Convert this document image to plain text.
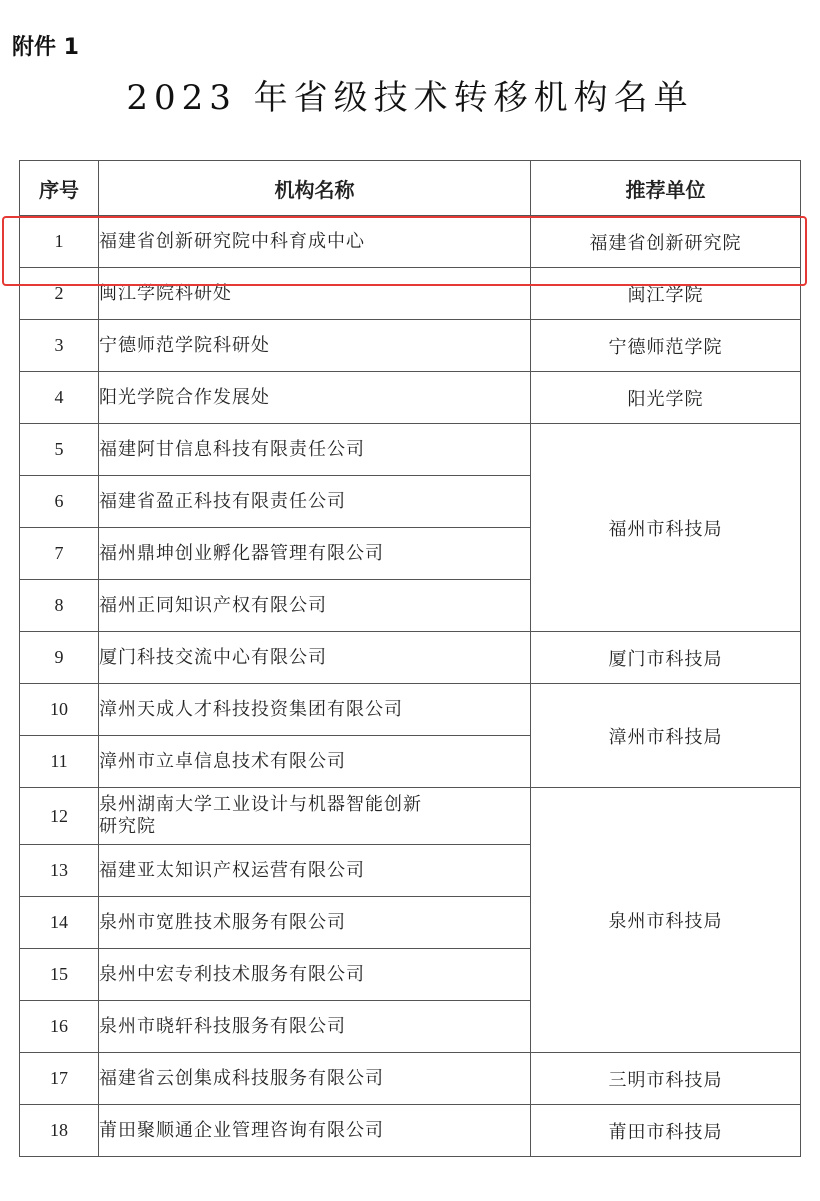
附件 1
2023 年省级技术转移机构名单
序号	机构名称	推荐单位
1	福建省创新研究院中科育成中心	福建省创新研究院
2	闽江学院科研处	闽江学院
3	宁德师范学院科研处	宁德师范学院
4	阳光学院合作发展处	阳光学院
5	福建阿甘信息科技有限责任公司	福州市科技局
6	福建省盈正科技有限责任公司	
7	福州鼎坤创业孵化器管理有限公司	
8	福州正同知识产权有限公司	
9	厦门科技交流中心有限公司	厦门市科技局
10	漳州天成人才科技投资集团有限公司	漳州市科技局
11	漳州市立卓信息技术有限公司	
12	泉州湖南大学工业设计与机器智能创新研究院	泉州市科技局
13	福建亚太知识产权运营有限公司	
14	泉州市宽胜技术服务有限公司	
15	泉州中宏专利技术服务有限公司	
16	泉州市晓轩科技服务有限公司	
17	福建省云创集成科技服务有限公司	三明市科技局
18	莆田聚顺通企业管理咨询有限公司	莆田市科技局
